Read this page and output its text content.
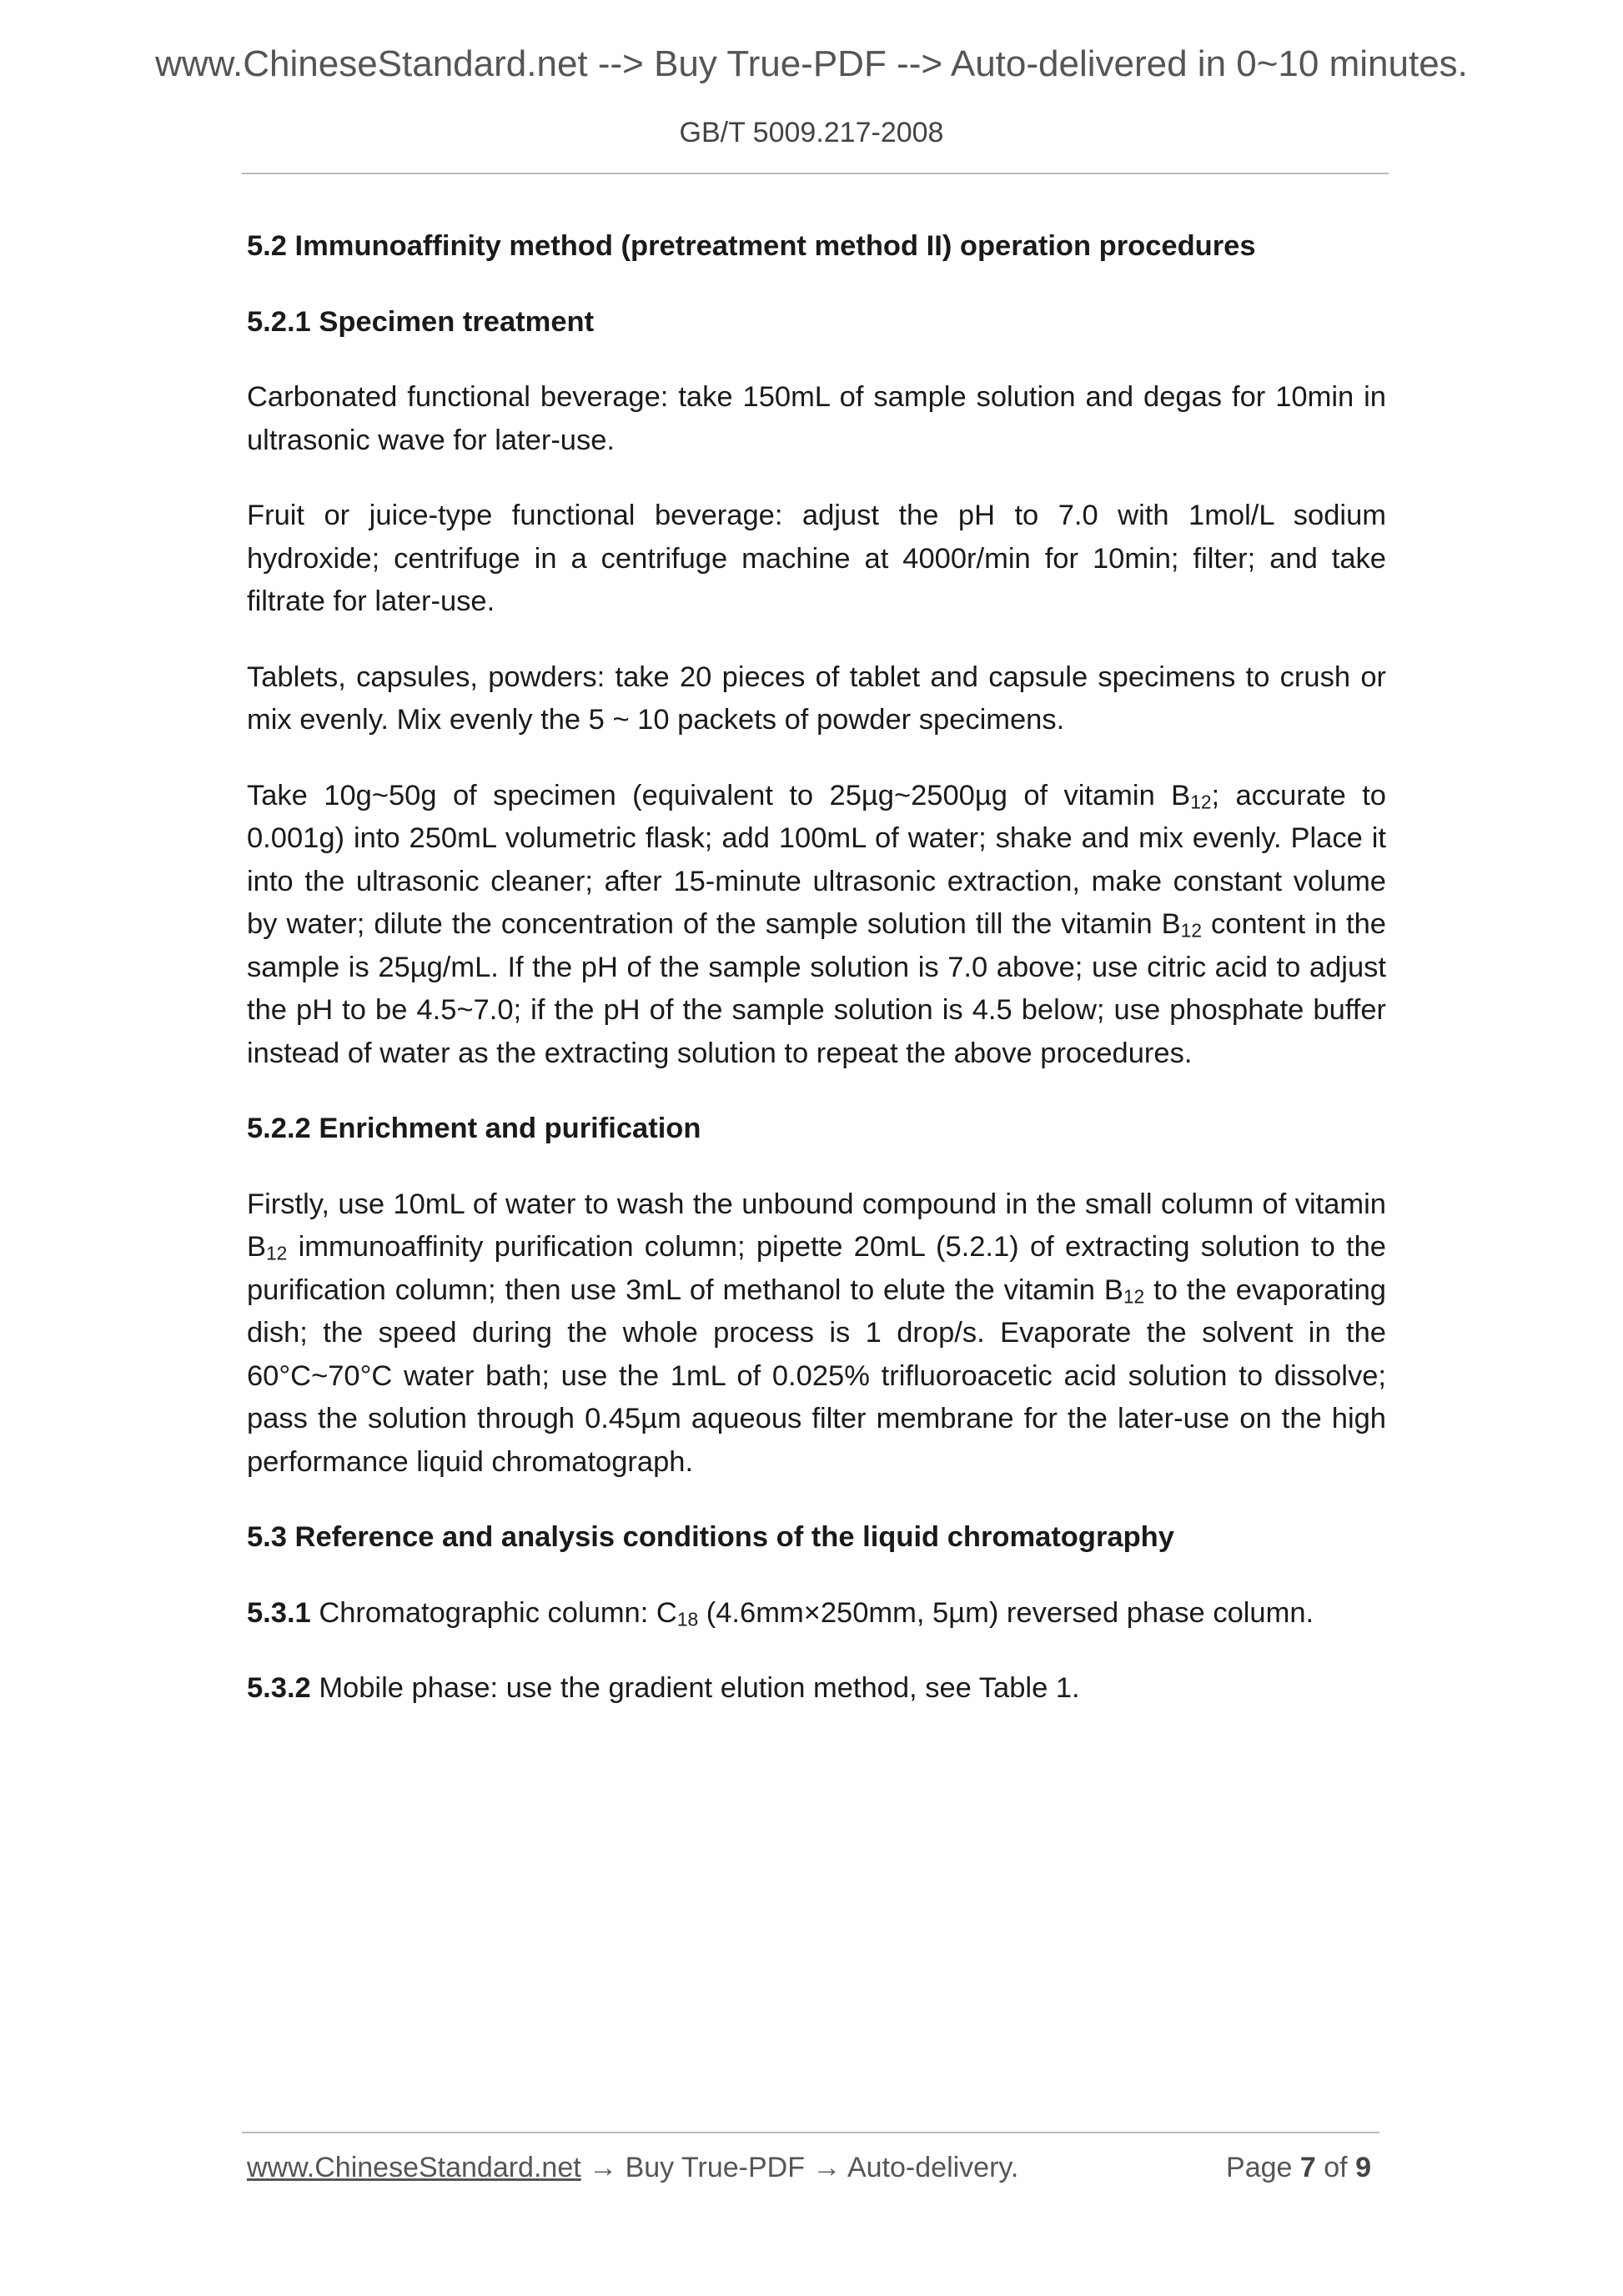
www.ChineseStandard.net --> Buy True-PDF --> Auto-delivered in 0~10 minutes.
GB/T 5009.217-2008
5.2 Immunoaffinity method (pretreatment method II) operation procedures
5.2.1 Specimen treatment

Carbonated functional beverage: take 150mL of sample solution and degas for 10min in ultrasonic wave for later-use.

Fruit or juice-type functional beverage: adjust the pH to 7.0 with 1mol/L sodium hydroxide; centrifuge in a centrifuge machine at 4000r/min for 10min; filter; and take filtrate for later-use.

Tablets, capsules, powders: take 20 pieces of tablet and capsule specimens to crush or mix evenly. Mix evenly the 5 ~ 10 packets of powder specimens.

Take 10g~50g of specimen (equivalent to 25µg~2500µg of vitamin $B_{12}$; accurate to 0.001g) into 250mL volumetric flask; add 100mL of water; shake and mix evenly. Place it into the ultrasonic cleaner; after 15-minute ultrasonic extraction, make constant volume by water; dilute the concentration of the sample solution till the vitamin $B_{12}$ content in the sample is 25µg/mL. If the pH of the sample solution is 7.0 above; use citric acid to adjust the pH to be 4.5~7.0; if the pH of the sample solution is 4.5 below; use phosphate buffer instead of water as the extracting solution to repeat the above procedures.

5.2.2 Enrichment and purification

Firstly, use 10mL of water to wash the unbound compound in the small column of vitamin $B_{12}$ immunoaffinity purification column; pipette 20mL (5.2.1) of extracting solution to the purification column; then use 3mL of methanol to elute the vitamin $B_{12}$ to the evaporating dish; the speed during the whole process is 1 drop/s. Evaporate the solvent in the 60°C~70°C water bath; use the 1mL of 0.025% trifluoroacetic acid solution to dissolve; pass the solution through 0.45µm aqueous filter membrane for the later-use on the high performance liquid chromatograph.

5.3 Reference and analysis conditions of the liquid chromatography

5.3.1 Chromatographic column: $C_{18}$ (4.6mm×250mm, 5µm) reversed phase column.

5.3.2 Mobile phase: use the gradient elution method, see Table 1.

www.ChineseStandard.net → Buy True-PDF → Auto-delivery.	Page 7 of 9
